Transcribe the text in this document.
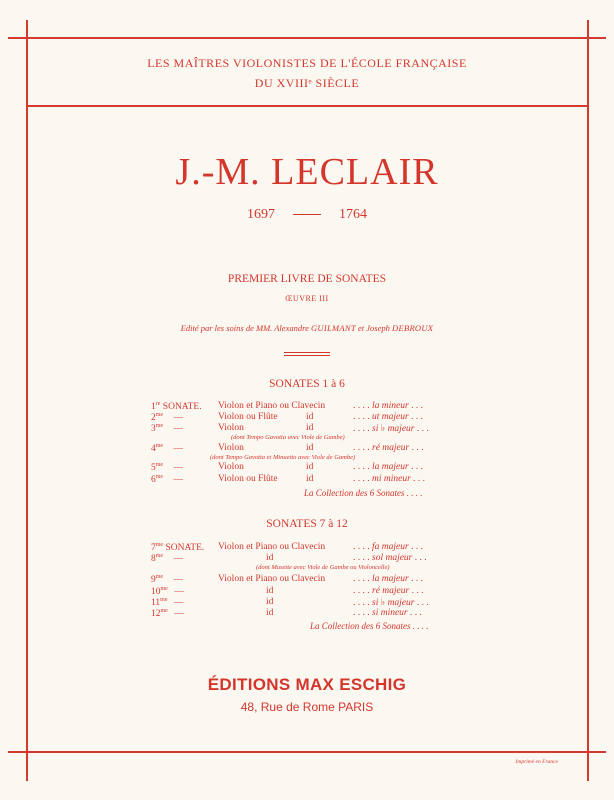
LES MAÎTRES VIOLONISTES DE L'ÉCOLE FRANÇAISE
DU XVIIIᵉ SIÈCLE
J.-M. LECLAIR
1697	1764
PREMIER LIVRE DE SONATES
ŒUVRE III
Edité par les soins de MM. Alexandre GUILMANT et Joseph DEBROUX
SONATES 1 à 6
1re SONATE.	Violon et Piano ou Clavecin	. . . . la mineur . . .
$2^{me}$ —	Violon ou Flûte	id	. . . . ut majeur . . .
$3^{me}$ —	Violon	id	. . . . si ♭ majeur . . .
(dont Tempo Gavotta avec Viole de Gambe)
$4^{me}$ —	Violon	id	. . . . ré majeur . . .
(dont Tempo Gavotta et Minuetto avec Viole de Gambe)
$5^{me}$ —	Violon	id	. . . . la majeur . . .
$6^{me}$ —	Violon ou Flûte	id	. . . . mi mineur . . .
La Collection des 6 Sonates . . . .
SONATES 7 à 12
$7^{me}$ SONATE.	Violon et Piano ou Clavecin	. . . . fa majeur . . .
$8^{me}$ —	id	. . . . sol majeur . . .
(dont Musette avec Viole de Gambe ou Violoncelle)
$9^{me}$ —	Violon et Piano ou Clavecin	. . . . la majeur . . .
$10^{me}$ —	id	. . . . ré majeur . . .
$11^{me}$ —	id	. . . . si ♭ majeur . . .
$12^{me}$ —	id	. . . . si mineur . . .
La Collection des 6 Sonates . . . .
ÉDITIONS MAX ESCHIG
48, Rue de Rome PARIS
Imprimé en France
